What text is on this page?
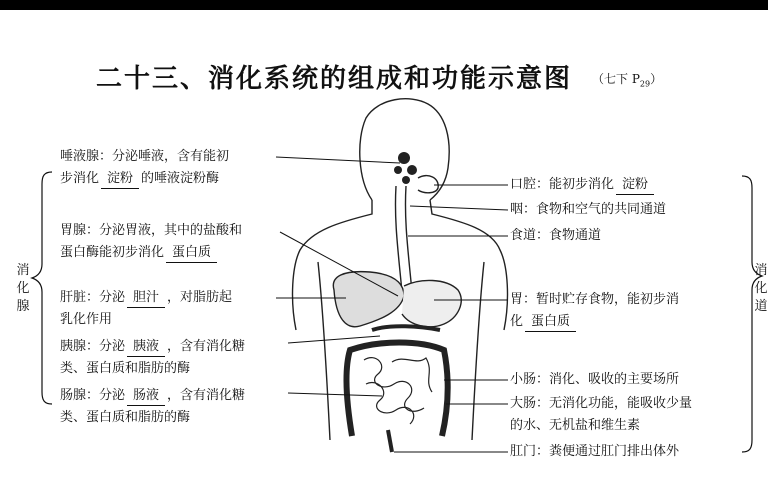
二十三、消化系统的组成和功能示意图 （七下 $P_{29}$）
消化腺
消化道
唾液腺：分泌唾液，含有能初
步消化 淀粉 的唾液淀粉酶
胃腺：分泌胃液，其中的盐酸和
蛋白酶能初步消化 蛋白质
肝脏：分泌 胆汁 ，对脂肪起
乳化作用
胰腺：分泌 胰液 ，含有消化糖
类、蛋白质和脂肪的酶
肠腺：分泌 肠液 ，含有消化糖
类、蛋白质和脂肪的酶
口腔：能初步消化 淀粉
咽：食物和空气的共同通道
食道：食物通道
胃：暂时贮存食物，能初步消
化 蛋白质
小肠：消化、吸收的主要场所
大肠：无消化功能，能吸收少量
的水、无机盐和维生素
肛门：粪便通过肛门排出体外
